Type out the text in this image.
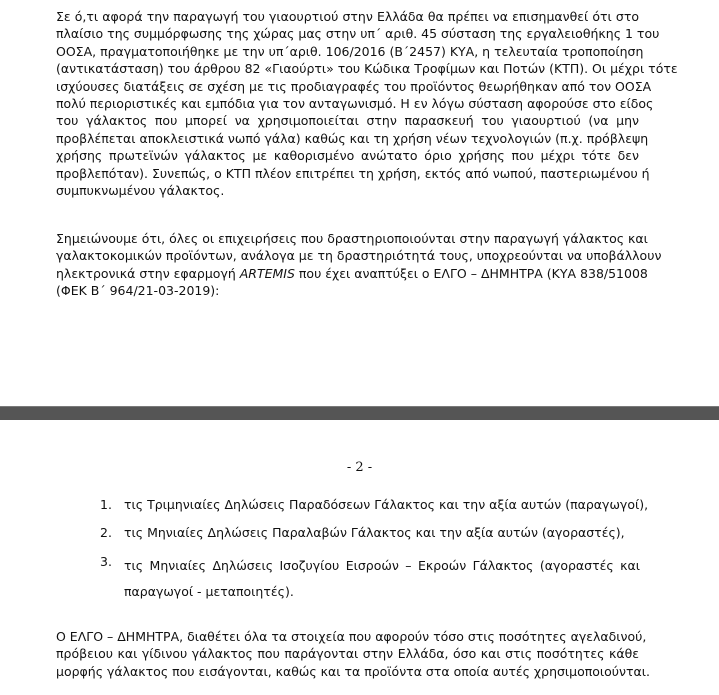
Σε ό,τι αφορά την παραγωγή του γιαουρτιού στην Ελλάδα θα πρέπει να επισημανθεί ότι στο
πλαίσιο της συμμόρφωσης της χώρας μας στην υπ΄ αριθ. 45 σύσταση της εργαλειοθήκης 1 του
ΟΟΣΑ, πραγματοποιήθηκε με την υπ΄αριθ. 106/2016 (Β΄2457) ΚΥΑ, η τελευταία τροποποίηση
(αντικατάσταση) του άρθρου 82 «Γιαούρτι» του Κώδικα Τροφίμων και Ποτών (ΚΤΠ). Οι μέχρι τότε
ισχύουσες διατάξεις σε σχέση με τις προδιαγραφές του προϊόντος θεωρήθηκαν από τον ΟΟΣΑ
πολύ περιοριστικές και εμπόδια για τον ανταγωνισμό. Η εν λόγω σύσταση αφορούσε στο είδος
του γάλακτος που μπορεί να χρησιμοποιείται στην παρασκευή του γιαουρτιού (να μην
προβλέπεται αποκλειστικά νωπό γάλα) καθώς και τη χρήση νέων τεχνολογιών (π.χ. πρόβλεψη
χρήσης πρωτεϊνών γάλακτος με καθορισμένο ανώτατο όριο χρήσης που μέχρι τότε δεν
προβλεπόταν). Συνεπώς, ο ΚΤΠ πλέον επιτρέπει τη χρήση, εκτός από νωπού, παστεριωμένου ή
συμπυκνωμένου γάλακτος.
Σημειώνουμε ότι, όλες οι επιχειρήσεις που δραστηριοποιούνται στην παραγωγή γάλακτος και
γαλακτοκομικών προϊόντων, ανάλογα με τη δραστηριότητά τους, υποχρεούνται να υποβάλλουν
ηλεκτρονικά στην εφαρμογή ARTEMIS που έχει αναπτύξει ο ΕΛΓΟ – ΔΗΜΗΤΡΑ (ΚΥΑ 838/51008
(ΦΕΚ Β΄ 964/21-03-2019):
- 2 -
1. τις Τριμηνιαίες Δηλώσεις Παραδόσεων Γάλακτος και την αξία αυτών (παραγωγοί),
2. τις Μηνιαίες Δηλώσεις Παραλαβών Γάλακτος και την αξία αυτών (αγοραστές),
3. τις Μηνιαίες Δηλώσεις Ισοζυγίου Εισροών – Εκροών Γάλακτος (αγοραστές και
παραγωγοί - μεταποιητές).
Ο ΕΛΓΟ – ΔΗΜΗΤΡΑ, διαθέτει όλα τα στοιχεία που αφορούν τόσο στις ποσότητες αγελαδινού,
πρόβειου και γίδινου γάλακτος που παράγονται στην Ελλάδα, όσο και στις ποσότητες κάθε
μορφής γάλακτος που εισάγονται, καθώς και τα προϊόντα στα οποία αυτές χρησιμοποιούνται.
